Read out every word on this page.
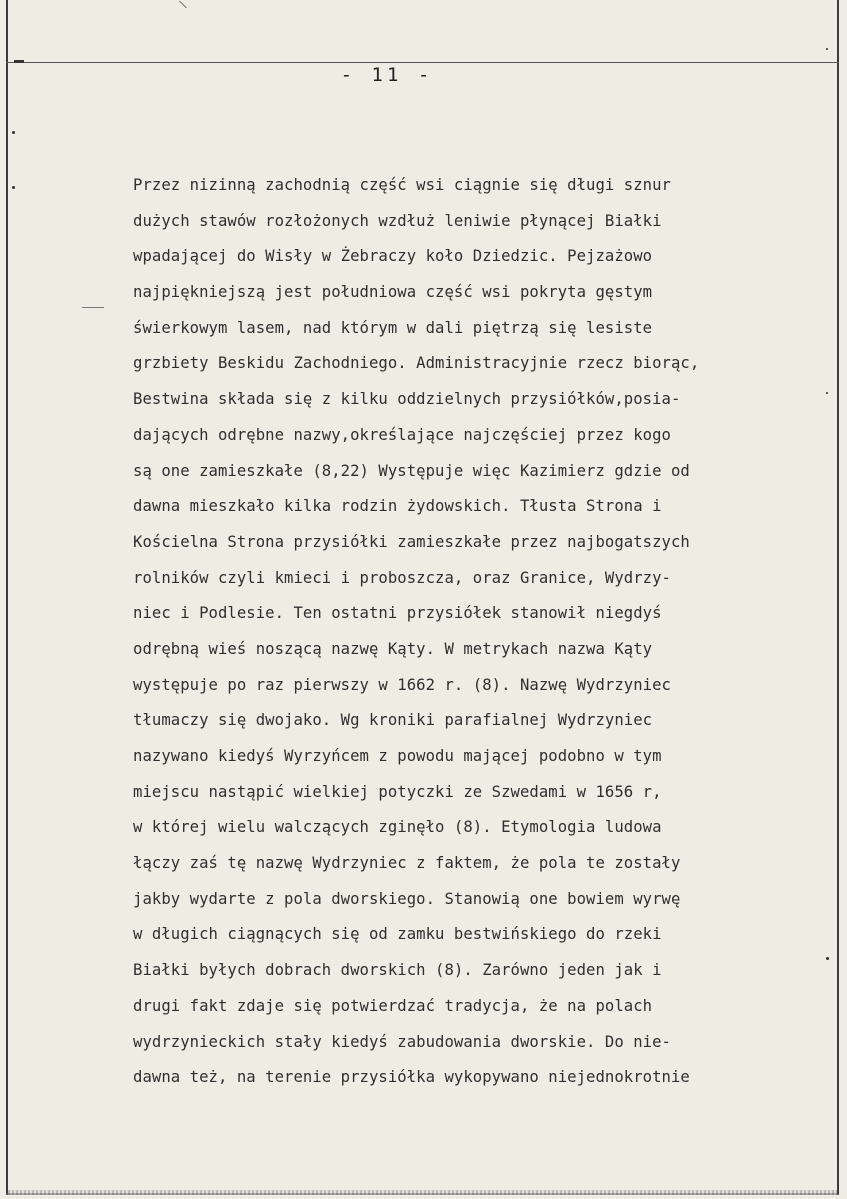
- 11 -
Przez nizinną zachodnią część wsi ciągnie się długi sznur
dużych stawów rozłożonych wzdłuż leniwie płynącej Białki
wpadającej do Wisły w Żebraczy koło Dziedzic. Pejzażowo
najpiękniejszą jest południowa część wsi pokryta gęstym
świerkowym lasem, nad którym w dali piętrzą się lesiste
grzbiety Beskidu Zachodniego. Administracyjnie rzecz biorąc,
Bestwina składa się z kilku oddzielnych przysiółków,posia-
dających odrębne nazwy,określające najczęściej przez kogo
są one zamieszkałe (8,22) Występuje więc Kazimierz gdzie od
dawna mieszkało kilka rodzin żydowskich. Tłusta Strona i
Kościelna Strona przysiółki zamieszkałe przez najbogatszych
rolników czyli kmieci i proboszcza, oraz Granice, Wydrzy-
niec i Podlesie. Ten ostatni przysiółek stanowił niegdyś
odrębną wieś noszącą nazwę Kąty. W metrykach nazwa Kąty
występuje po raz pierwszy w 1662 r. (8). Nazwę Wydrzyniec
tłumaczy się dwojako. Wg kroniki parafialnej Wydrzyniec
nazywano kiedyś Wyrzyńcem z powodu mającej podobno w tym
miejscu nastąpić wielkiej potyczki ze Szwedami w 1656 r,
w której wielu walczących zginęło (8). Etymologia ludowa
łączy zaś tę nazwę Wydrzyniec z faktem, że pola te zostały
jakby wydarte z pola dworskiego. Stanowią one bowiem wyrwę
w długich ciągnących się od zamku bestwińskiego do rzeki
Białki byłych dobrach dworskich (8). Zarówno jeden jak i
drugi fakt zdaje się potwierdzać tradycja, że na polach
wydrzynieckich stały kiedyś zabudowania dworskie. Do nie-
dawna też, na terenie przysiółka wykopywano niejednokrotnie
